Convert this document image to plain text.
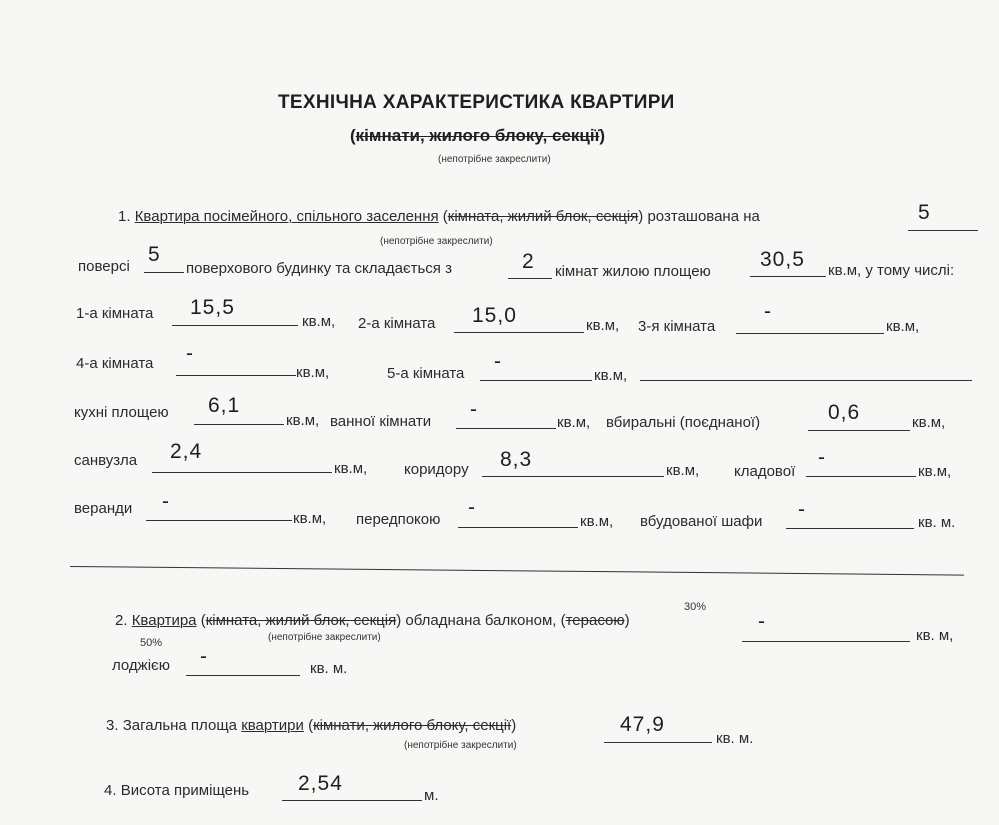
ТЕХНІЧНА ХАРАКТЕРИСТИКА КВАРТИРИ
(кімнати, жилого блоку, секції)
(непотрібне закреслити)
1. Квартира посімейного, спільного заселення (кімната, жилий блок, секція) розташована на	5
(непотрібне закреслити)
поверсі
5
поверхового будинку та складається з	2 кімнат жилою площею
30,5 кв.м, у тому числі:
1-а кімната 15,5
кв.м, 2-а кімната 15,0	кв.м, 3-я кімната
-
кв.м,
4-а кімната -
кв.м,	5-а кімната
-
кв.м,
кухні площею 6,1
кв.м, ванної кімнати
-
кв.м, вбиральні (поєднаної)	0,6	кв.м,
санвузла 2,4
кв.м, коридору 8,3	кв.м, кладової
-
кв.м,
веранди -
кв.м, передпокою
-
кв.м, вбудованої шафи
-
кв. м.
30%
2. Квартира (кімната, жилий блок, секція) обладнана балконом, (терасою)	-
кв. м,
(непотрібне закреслити)
50%
лоджією -
кв. м.
3. Загальна площа квартири (кімнати, жилого блоку, секції)	47,9
кв. м.
(непотрібне закреслити)
4. Висота приміщень 2,54
м.
